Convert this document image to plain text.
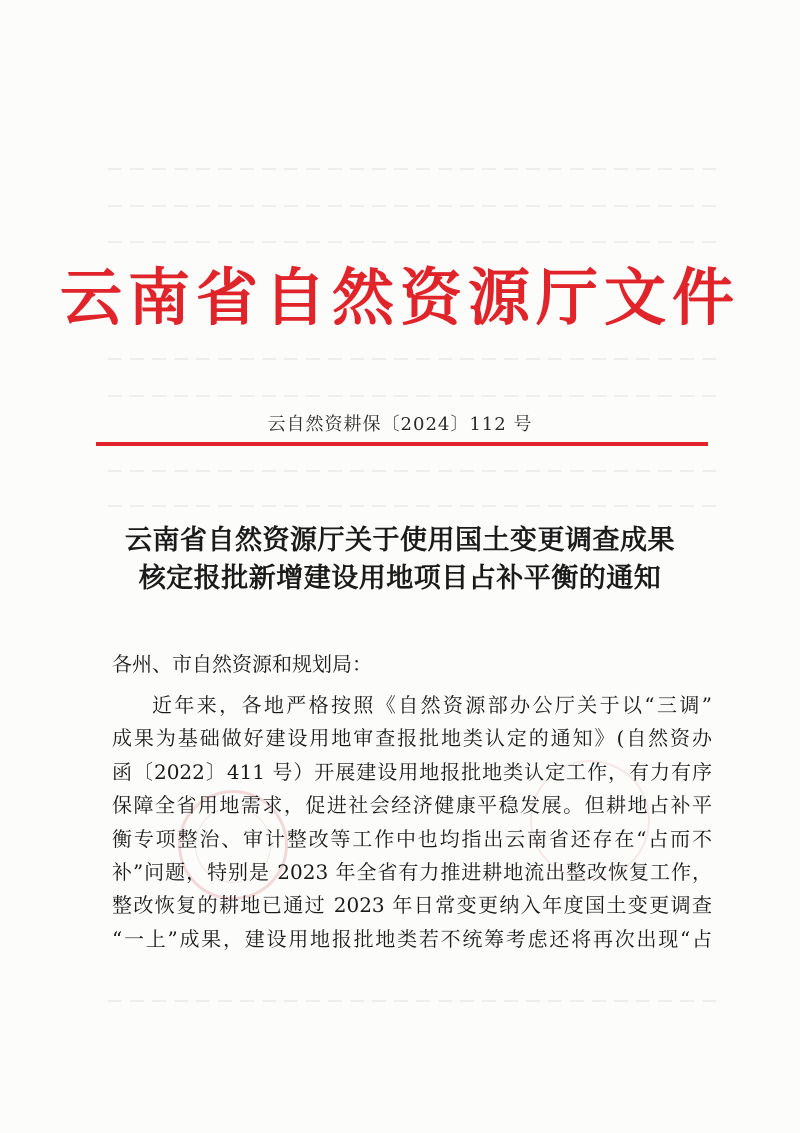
云南省自然资源厅文件
云自然资耕保〔2024〕112 号
云南省自然资源厅关于使用国土变更调查成果
核定报批新增建设用地项目占补平衡的通知
各州、市自然资源和规划局：
近年来，各地严格按照《自然资源部办公厅关于以“三调”
成果为基础做好建设用地审查报批地类认定的通知》(自然资办
函〔2022〕411 号）开展建设用地报批地类认定工作，有力有序
保障全省用地需求，促进社会经济健康平稳发展。但耕地占补平
衡专项整治、审计整改等工作中也均指出云南省还存在“占而不
补”问题，特别是 2023 年全省有力推进耕地流出整改恢复工作，
整改恢复的耕地已通过 2023 年日常变更纳入年度国土变更调查
“一上”成果，建设用地报批地类若不统筹考虑还将再次出现“占
